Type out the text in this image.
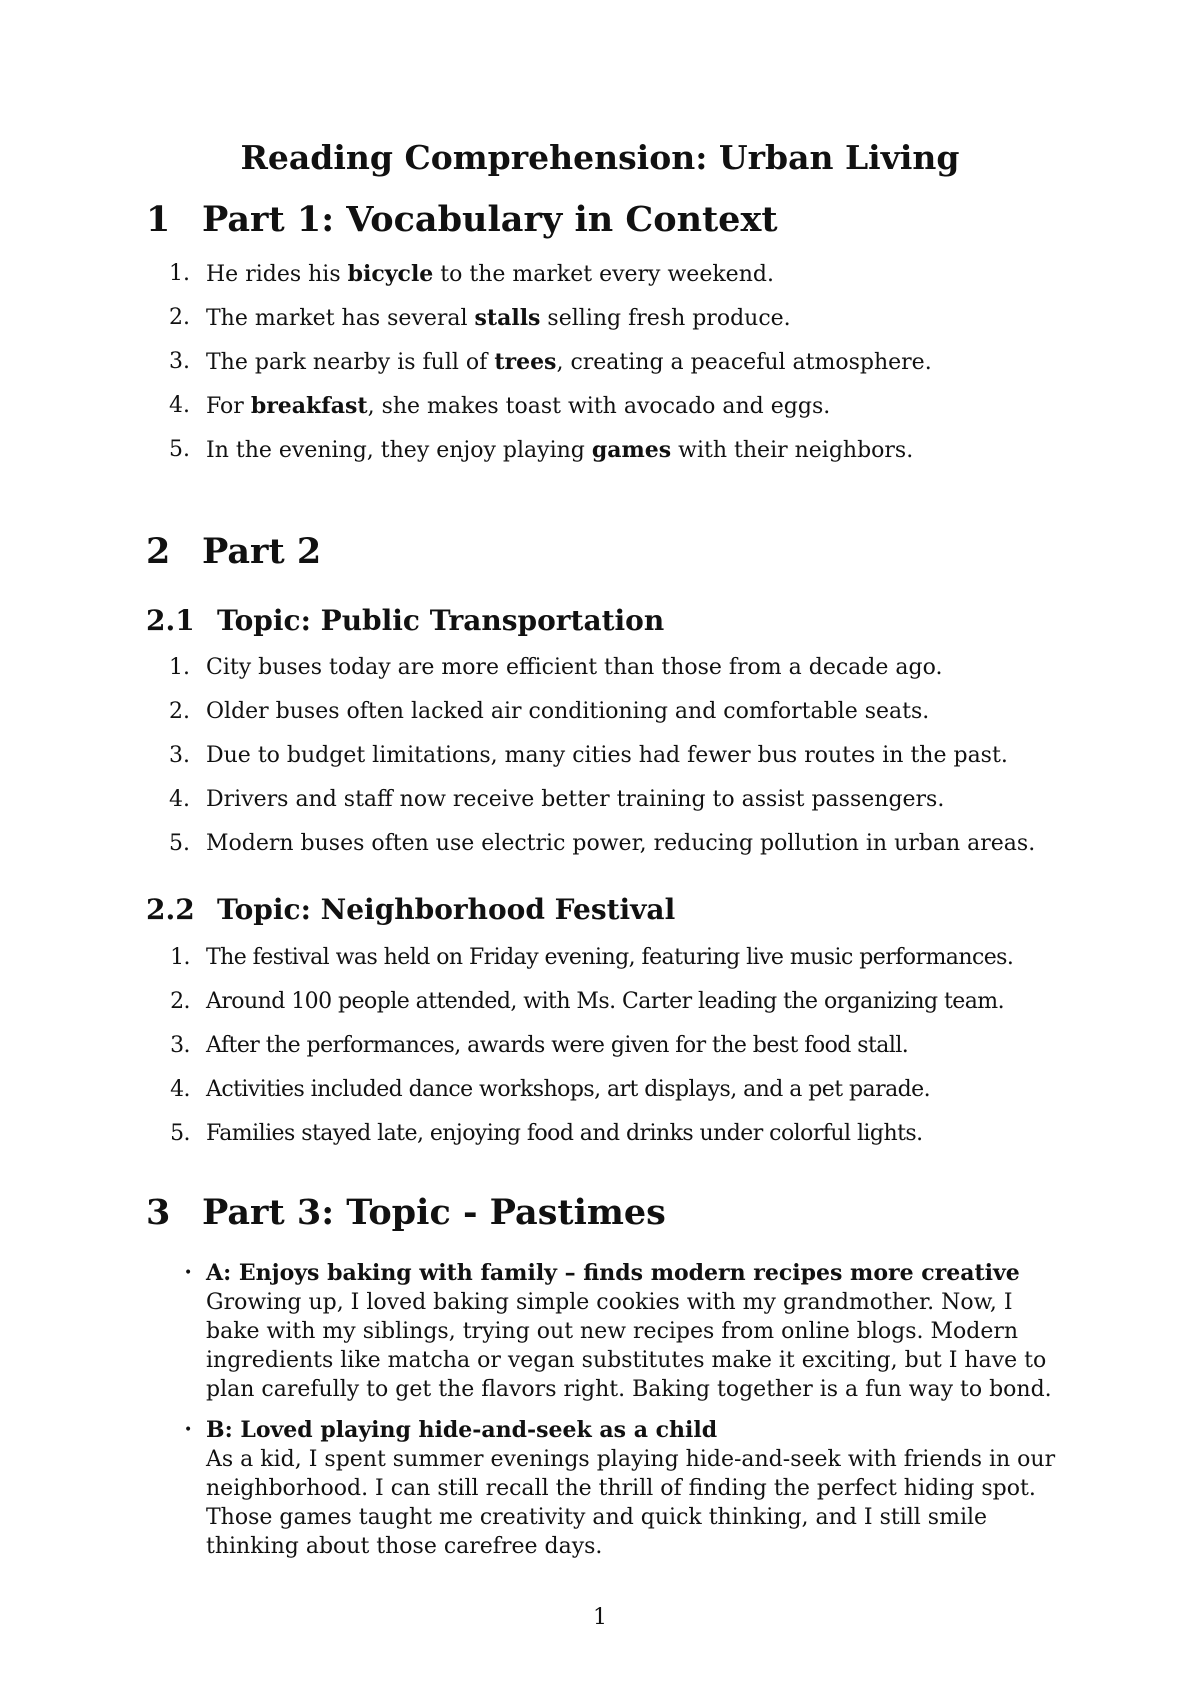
Reading Comprehension: Urban Living
1 Part 1: Vocabulary in Context
1. He rides his bicycle to the market every weekend.
2. The market has several stalls selling fresh produce.
3. The park nearby is full of trees, creating a peaceful atmosphere.
4. For breakfast, she makes toast with avocado and eggs.
5. In the evening, they enjoy playing games with their neighbors.
2 Part 2
2.1 Topic: Public Transportation
1. City buses today are more efficient than those from a decade ago.
2. Older buses often lacked air conditioning and comfortable seats.
3. Due to budget limitations, many cities had fewer bus routes in the past.
4. Drivers and staff now receive better training to assist passengers.
5. Modern buses often use electric power, reducing pollution in urban areas.
2.2 Topic: Neighborhood Festival
1. The festival was held on Friday evening, featuring live music performances.
2. Around 100 people attended, with Ms. Carter leading the organizing team.
3. After the performances, awards were given for the best food stall.
4. Activities included dance workshops, art displays, and a pet parade.
5. Families stayed late, enjoying food and drinks under colorful lights.
3 Part 3: Topic - Pastimes
• A: Enjoys baking with family – finds modern recipes more creative
Growing up, I loved baking simple cookies with my grandmother. Now, I bake with my siblings, trying out new recipes from online blogs. Modern ingredients like matcha or vegan substitutes make it exciting, but I have to plan carefully to get the flavors right. Baking together is a fun way to bond.
• B: Loved playing hide-and-seek as a child
As a kid, I spent summer evenings playing hide-and-seek with friends in our neighborhood. I can still recall the thrill of finding the perfect hiding spot. Those games taught me creativity and quick thinking, and I still smile thinking about those carefree days.
1
